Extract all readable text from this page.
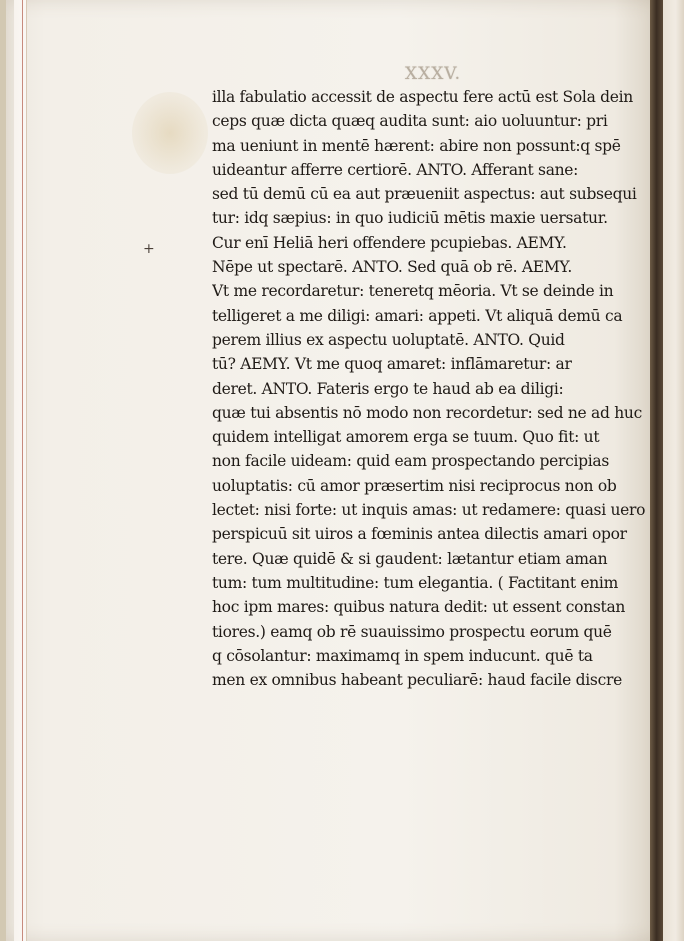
XXXV.
+
illa fabulatio accessit de aspectu fere actū est Sola dein
ceps quæ dicta quæq audita sunt: aio uoluuntur: pri
ma ueniunt in mentē hærent: abire non possunt:q spē
uideantur afferre certiorē. ANTO. Afferant sane:
sed tū demū cū ea aut præueniit aspectus: aut subsequi
tur: idq sæpius: in quo iudiciū mētis maxie uersatur.
Cur enī Heliā heri offendere pcupiebas. AEMY.
Nēpe ut spectarē. ANTO. Sed quā ob rē. AEMY.
Vt me recordaretur: teneretq mēoria. Vt se deinde in
telligeret a me diligi: amari: appeti. Vt aliquā demū ca
perem illius ex aspectu uoluptatē. ANTO. Quid
tū? AEMY. Vt me quoq amaret: inflāmaretur: ar
deret. ANTO. Fateris ergo te haud ab ea diligi:
quæ tui absentis nō modo non recordetur: sed ne ad huc
quidem intelligat amorem erga se tuum. Quo fit: ut
non facile uideam: quid eam prospectando percipias
uoluptatis: cū amor præsertim nisi reciprocus non ob
lectet: nisi forte: ut inquis amas: ut redamere: quasi uero
perspicuū sit uiros a fœminis antea dilectis amari opor
tere. Quæ quidē & si gaudent: lætantur etiam aman
tum: tum multitudine: tum elegantia. ( Factitant enim
hoc ipm mares: quibus natura dedit: ut essent constan
tiores.) eamq ob rē suauissimo prospectu eorum quē
q cōsolantur: maximamq in spem inducunt. quē ta
men ex omnibus habeant peculiarē: haud facile discre
